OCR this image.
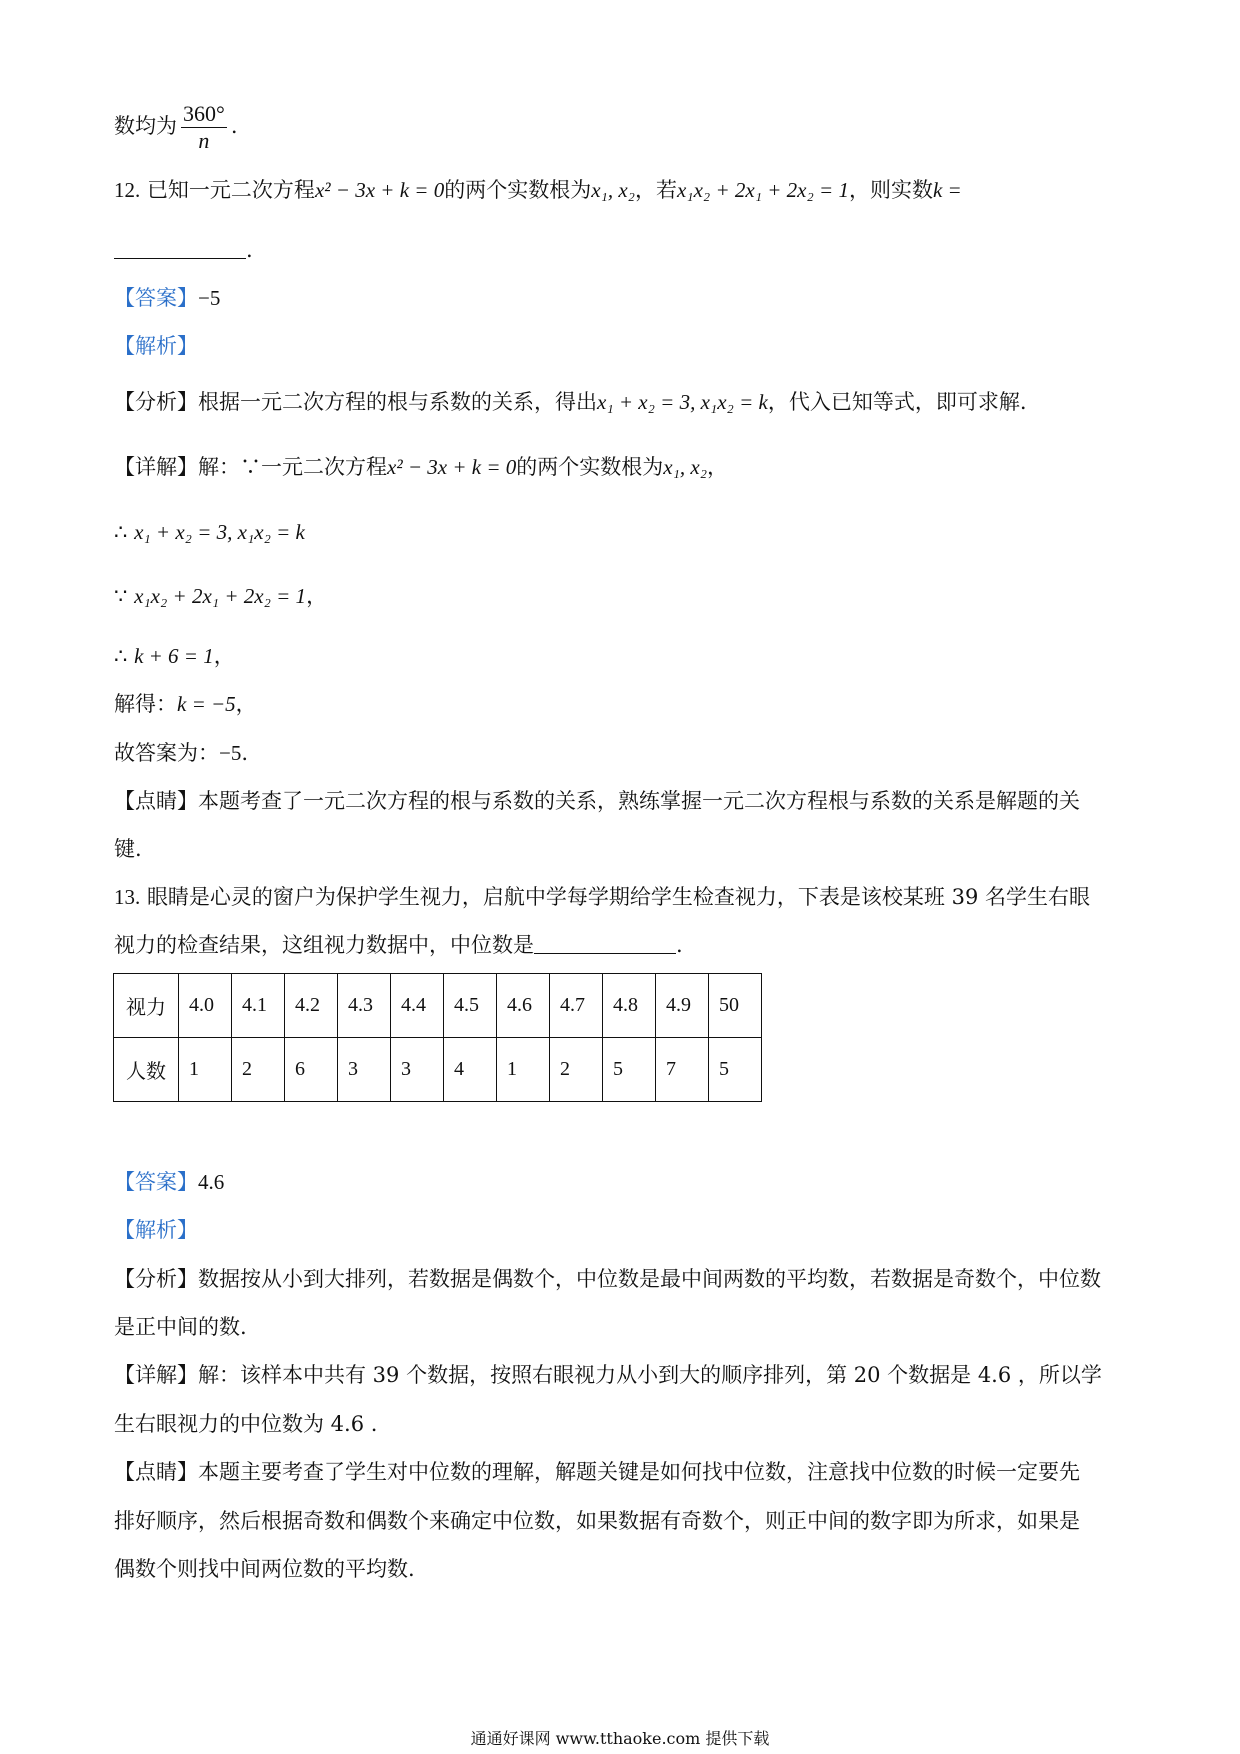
数均为 $\frac{360^\circ}{n}$ .
12. 已知一元二次方程x² − 3x + k = 0的两个实数根为x₁, x₂，若x₁x₂ + 2x₁ + 2x₂ = 1，则实数k =
.
【答案】−5
【解析】
【分析】根据一元二次方程的根与系数的关系，得出x₁ + x₂ = 3, x₁x₂ = k，代入已知等式，即可求解.
【详解】解：∵一元二次方程x² − 3x + k = 0的两个实数根为x₁, x₂，
∴ x₁ + x₂ = 3, x₁x₂ = k
∵ x₁x₂ + 2x₁ + 2x₂ = 1，
∴ k + 6 = 1，
解得：k = −5，
故答案为：−5.
【点睛】本题考查了一元二次方程的根与系数的关系，熟练掌握一元二次方程根与系数的关系是解题的关
键.
13. 眼睛是心灵的窗户为保护学生视力，启航中学每学期给学生检查视力，下表是该校某班 39 名学生右眼
视力的检查结果，这组视力数据中，中位数是	.
视力	4.0	4.1	4.2	4.3	4.4	4.5	4.6	4.7	4.8	4.9	50
人数	1	2	6	3	3	4	1	2	5	7	5
【答案】4.6
【解析】
【分析】数据按从小到大排列，若数据是偶数个，中位数是最中间两数的平均数，若数据是奇数个，中位数
是正中间的数.
【详解】解：该样本中共有 39 个数据，按照右眼视力从小到大的顺序排列，第 20 个数据是 4.6 ，所以学
生右眼视力的中位数为 4.6 .
【点睛】本题主要考查了学生对中位数的理解，解题关键是如何找中位数，注意找中位数的时候一定要先
排好顺序，然后根据奇数和偶数个来确定中位数，如果数据有奇数个，则正中间的数字即为所求，如果是
偶数个则找中间两位数的平均数.
通通好课网 www.tthaoke.com 提供下载
